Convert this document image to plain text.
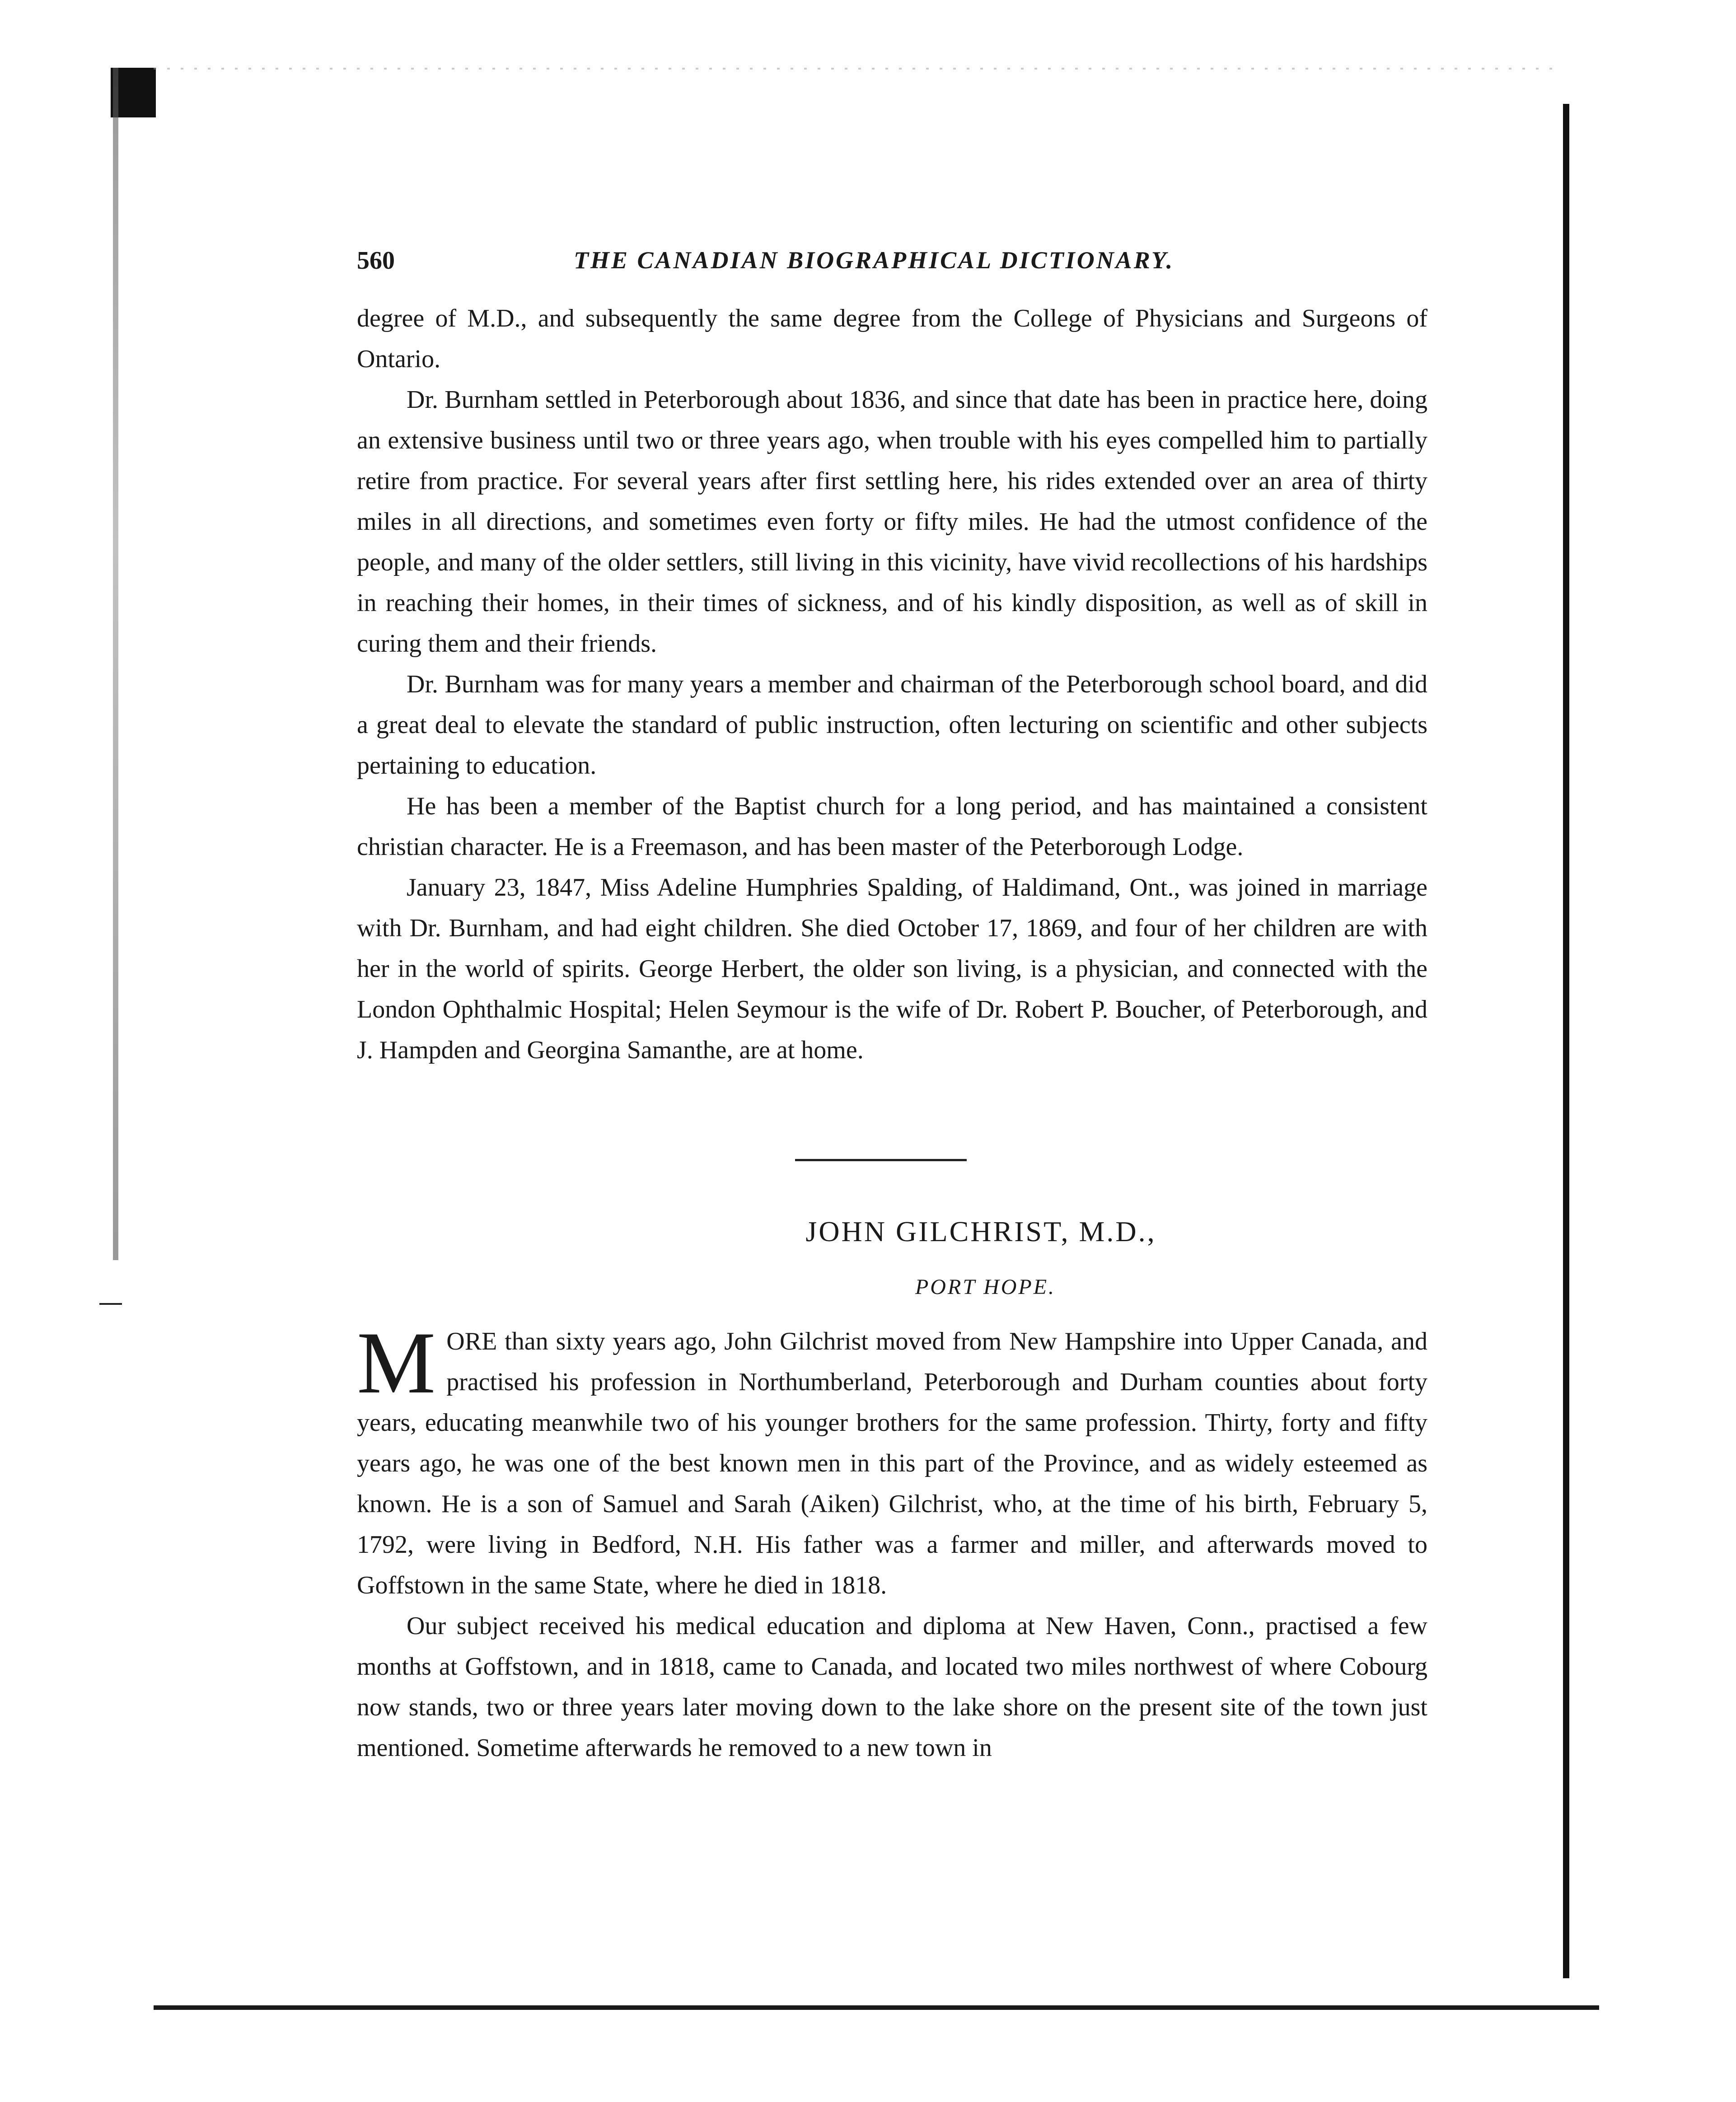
560	THE CANADIAN BIOGRAPHICAL DICTIONARY.

degree of M.D., and subsequently the same degree from the College of Physicians and Surgeons of Ontario.

Dr. Burnham settled in Peterborough about 1836, and since that date has been in practice here, doing an extensive business until two or three years ago, when trouble with his eyes compelled him to partially retire from practice. For several years after first settling here, his rides extended over an area of thirty miles in all directions, and sometimes even forty or fifty miles. He had the utmost confidence of the people, and many of the older settlers, still living in this vicinity, have vivid recollections of his hardships in reaching their homes, in their times of sickness, and of his kindly disposition, as well as of skill in curing them and their friends.

Dr. Burnham was for many years a member and chairman of the Peterborough school board, and did a great deal to elevate the standard of public instruction, often lecturing on scientific and other subjects pertaining to education.

He has been a member of the Baptist church for a long period, and has maintained a consistent christian character. He is a Freemason, and has been master of the Peterborough Lodge.

January 23, 1847, Miss Adeline Humphries Spalding, of Haldimand, Ont., was joined in marriage with Dr. Burnham, and had eight children. She died October 17, 1869, and four of her children are with her in the world of spirits. George Herbert, the older son living, is a physician, and connected with the London Ophthalmic Hospital; Helen Seymour is the wife of Dr. Robert P. Boucher, of Peterborough, and J. Hampden and Georgina Samanthe, are at home.

JOHN GILCHRIST, M.D.,
PORT HOPE.

MORE than sixty years ago, John Gilchrist moved from New Hampshire into Upper Canada, and practised his profession in Northumberland, Peterborough and Durham counties about forty years, educating meanwhile two of his younger brothers for the same profession. Thirty, forty and fifty years ago, he was one of the best known men in this part of the Province, and as widely esteemed as known. He is a son of Samuel and Sarah (Aiken) Gilchrist, who, at the time of his birth, February 5, 1792, were living in Bedford, N.H. His father was a farmer and miller, and afterwards moved to Goffstown in the same State, where he died in 1818.

Our subject received his medical education and diploma at New Haven, Conn., practised a few months at Goffstown, and in 1818, came to Canada, and located two miles northwest of where Cobourg now stands, two or three years later moving down to the lake shore on the present site of the town just mentioned. Sometime afterwards he removed to a new town in
